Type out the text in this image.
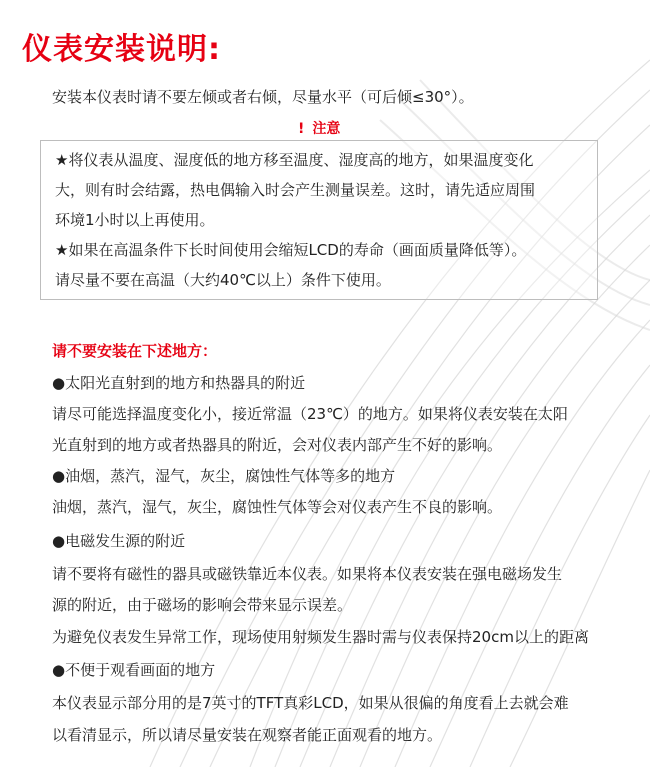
仪表安装说明:
安装本仪表时请不要左倾或者右倾，尽量水平（可后倾≤30°）。
! 注意
★将仪表从温度、湿度低的地方移至温度、湿度高的地方，如果温度变化
大，则有时会结露，热电偶输入时会产生测量误差。这时，请先适应周围
环境1小时以上再使用。
★如果在高温条件下长时间使用会缩短LCD的寿命（画面质量降低等）。
请尽量不要在高温（大约40℃以上）条件下使用。
请不要安装在下述地方：
●太阳光直射到的地方和热器具的附近
请尽可能选择温度变化小，接近常温（23℃）的地方。如果将仪表安装在太阳
光直射到的地方或者热器具的附近，会对仪表内部产生不好的影响。
●油烟，蒸汽，湿气，灰尘，腐蚀性气体等多的地方
油烟，蒸汽，湿气，灰尘，腐蚀性气体等会对仪表产生不良的影响。
●电磁发生源的附近
请不要将有磁性的器具或磁铁靠近本仪表。如果将本仪表安装在强电磁场发生
源的附近，由于磁场的影响会带来显示误差。
为避免仪表发生异常工作，现场使用射频发生器时需与仪表保持20cm以上的距离
●不便于观看画面的地方
本仪表显示部分用的是7英寸的TFT真彩LCD，如果从很偏的角度看上去就会难
以看清显示，所以请尽量安装在观察者能正面观看的地方。
